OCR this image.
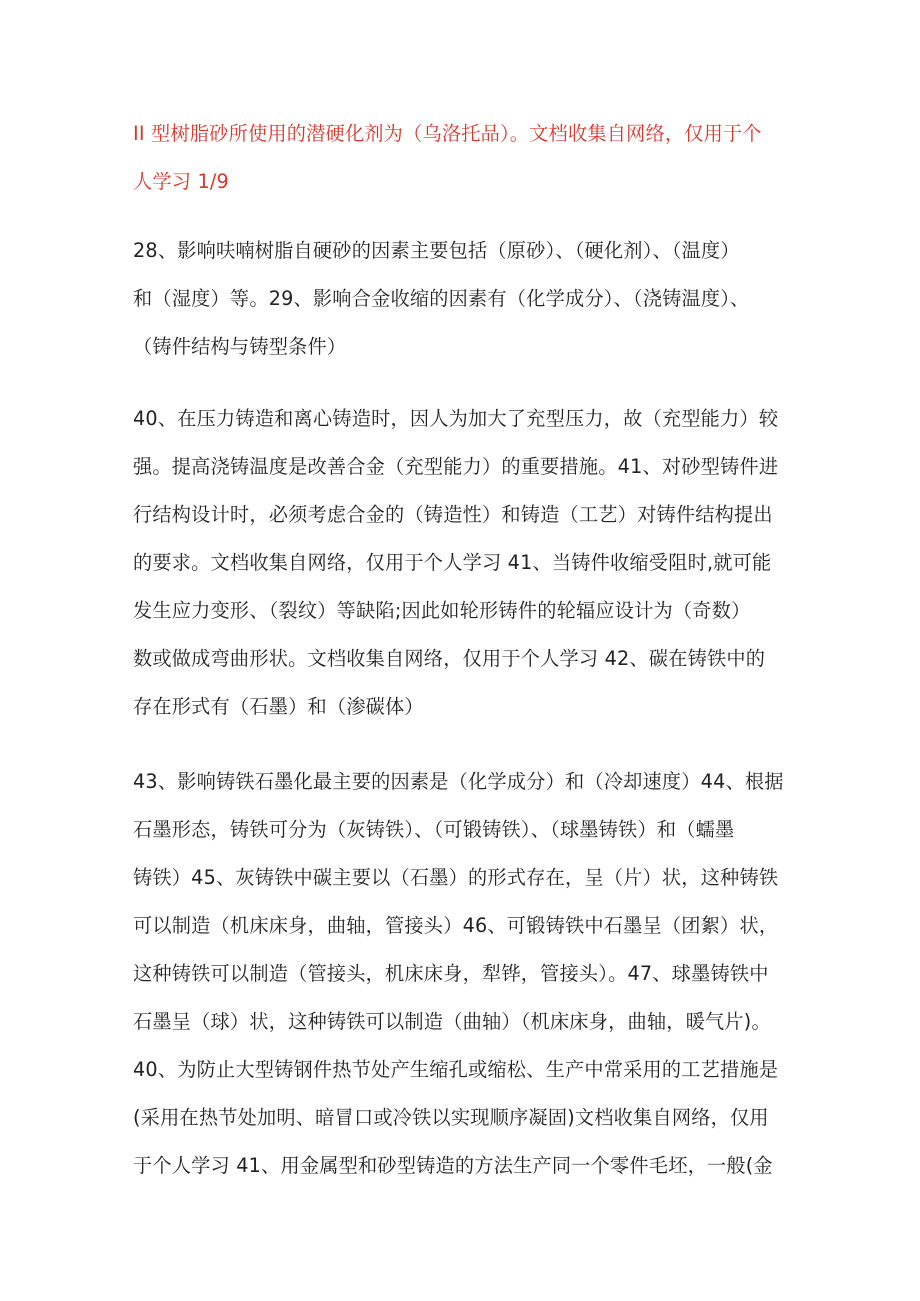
II 型树脂砂所使用的潜硬化剂为（乌洛托品）。文档收集自网络，仅用于个
人学习 1/9

28、影响呋喃树脂自硬砂的因素主要包括（原砂）、（硬化剂）、（温度）
和（湿度）等。29、影响合金收缩的因素有（化学成分）、（浇铸温度）、
（铸件结构与铸型条件）

40、在压力铸造和离心铸造时，因人为加大了充型压力，故（充型能力）较
强。提高浇铸温度是改善合金（充型能力）的重要措施。41、对砂型铸件进
行结构设计时，必须考虑合金的（铸造性）和铸造（工艺）对铸件结构提出
的要求。文档收集自网络，仅用于个人学习 41、当铸件收缩受阻时,就可能
发生应力变形、（裂纹）等缺陷;因此如轮形铸件的轮辐应设计为（奇数）
数或做成弯曲形状。文档收集自网络，仅用于个人学习 42、碳在铸铁中的
存在形式有（石墨）和（渗碳体）

43、影响铸铁石墨化最主要的因素是（化学成分）和（冷却速度）44、根据
石墨形态，铸铁可分为（灰铸铁）、（可锻铸铁）、（球墨铸铁）和（蠕墨
铸铁）45、灰铸铁中碳主要以（石墨）的形式存在，呈（片）状，这种铸铁
可以制造（机床床身，曲轴，管接头）46、可锻铸铁中石墨呈（团絮）状，
这种铸铁可以制造（管接头，机床床身，犁铧，管接头）。47、球墨铸铁中
石墨呈（球）状，这种铸铁可以制造（曲轴）（机床床身，曲轴，暖气片)。
40、为防止大型铸钢件热节处产生缩孔或缩松、生产中常采用的工艺措施是
(采用在热节处加明、暗冒口或冷铁以实现顺序凝固)文档收集自网络，仅用
于个人学习 41、用金属型和砂型铸造的方法生产同一个零件毛坯，一般(金
